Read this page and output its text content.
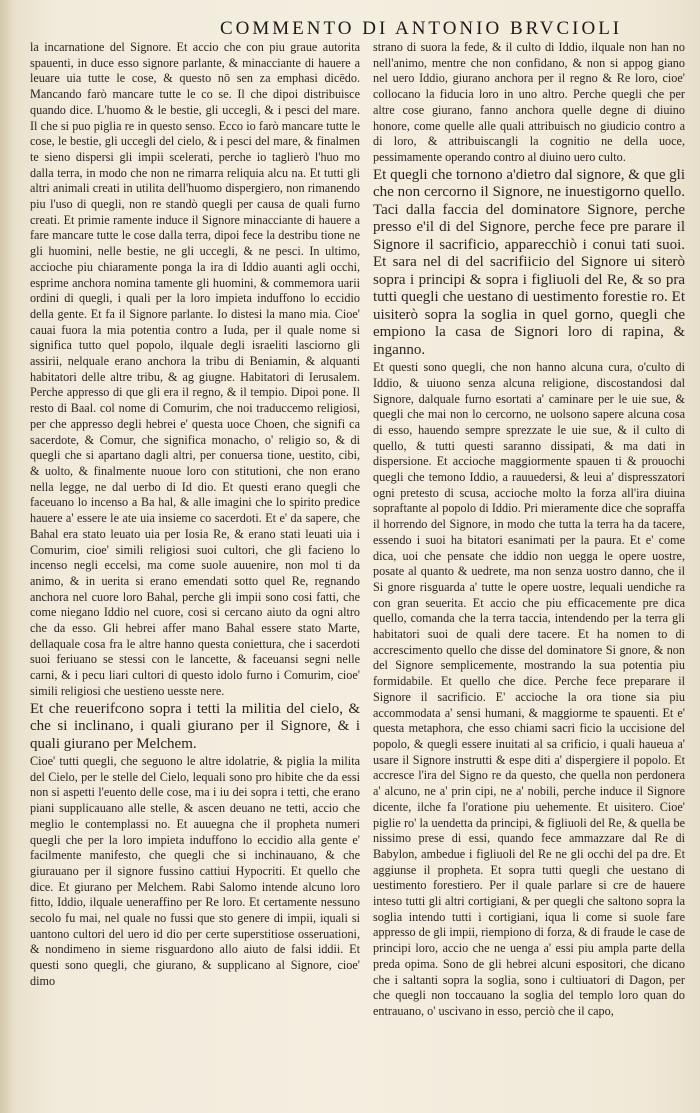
COMMENTO DI ANTONIO BRVCIOLI

la incarnatione del Signore. Et accio che con piu graue autorita spauenti, in duce esso signore parlante, & minacciante di hauere a leuare uia tutte le cose, & questo nō sen za emphasi dicēdo. Mancando farò mancare tutte le co se. Il che dipoi distribuisce quando dice. L'huomo & le bestie, gli uccegli, & i pesci del mare. Il che si puo piglia re in questo senso. Ecco io farò mancare tutte le cose, le bestie, gli uccegli del cielo, & i pesci del mare, & finalmen te sieno dispersi gli impii scelerati, perche io taglierò l'huo mo dalla terra, in modo che non ne rimarra reliquia alcu na. Et tutti gli altri animali creati in utilita dell'huomo dispergiero, non rimanendo piu l'uso di quegli, non re standò quegli per causa de quali furno creati. Et primie ramente induce il Signore minacciante di hauere a fare mancare tutte le cose dalla terra, dipoi fece la destribu tione ne gli huomini, nelle bestie, ne gli uccegli, & ne pesci. In ultimo, accioche piu chiaramente ponga la ira di Iddio auanti agli occhi, esprime anchora nomina tamente gli huomini, & commemora uarii ordini di quegli, i quali per la loro impieta induffono lo eccidio della gente. Et fa il Signore parlante. Io distesi la mano mia. Cioe' cauai fuora la mia potentia contro a Iuda, per il quale nome si significa tutto quel popolo, ilquale degli israeliti lasciorno gli assirii, nelquale erano anchora la tribu di Beniamin, & alquanti habitatori delle altre tribu, & ag giugne. Habitatori di Ierusalem. Perche appresso di que gli era il regno, & il tempio. Dipoi pone. Il resto di Baal. col nome di Comurim, che noi traduccemo religiosi, per che appresso degli hebrei e' questa uoce Choen, che signifi ca sacerdote, & Comur, che significa monacho, o' religio so, & di quegli che si apartano dagli altri, per conuersa tione, uestito, cibi, & uolto, & finalmente nuoue loro con stitutioni, che non erano nella legge, ne dal uerbo di Id dio. Et questi erano quegli che faceuano lo incenso a Ba hal, & alle imagini che lo spirito predice hauere a' essere le ate uia insieme co sacerdoti. Et e' da sapere, che Bahal era stato leuato uia per Iosia Re, & erano stati leuati uia i Comurim, cioe' simili religiosi suoi cultori, che gli facieno lo incenso negli eccelsi, ma come suole auuenire, non mol ti da animo, & in uerita si erano emendati sotto quel Re, regnando anchora nel cuore loro Bahal, perche gli impii sono cosi fatti, che come niegano Iddio nel cuore, cosi si cercano aiuto da ogni altro che da esso. Gli hebrei affer mano Bahal essere stato Marte, dellaquale cosa fra le altre hanno questa coniettura, che i sacerdoti suoi feriuano se stessi con le lancette, & faceuansi segni nelle carni, & i pecu liari cultori di questo idolo furno i Comurim, cioe' simili religiosi che uestieno uesste nere.

Et che reuerifcono sopra i tetti la militia del cielo, & che si inclinano, i quali giurano per il Signore, & i quali giurano per Melchem.

Cioe' tutti quegli, che seguono le altre idolatrie, & piglia la milita del Cielo, per le stelle del Cielo, lequali sono pro hibite che da essi non si aspetti l'euento delle cose, ma i iu dei sopra i tetti, che erano piani supplicauano alle stelle, & ascen deuano ne tetti, accio che meglio le contemplassi no. Et auuegna che il propheta numeri quegli che per la loro impieta induffono lo eccidio alla gente e' facilmente manifesto, che quegli che si inchinauano, & che giurauano per il signore fussino cattiui Hypocriti. Et quello che dice. Et giurano per Melchem. Rabi Salomo intende alcuno loro fitto, Iddio, ilquale ueneraffino per Re loro. Et certamente nessuno secolo fu mai, nel quale no fussi que sto genere di impii, iquali si uantono cultori del uero id dio per certe superstitiose osseruationi, & nondimeno in sieme risguardono allo aiuto de falsi iddii. Et questi sono quegli, che giurano, & supplicano al Signore, cioe' dimo

strano di suora la fede, & il culto di Iddio, ilquale non han no nell'animo, mentre che non confidano, & non si appog giano nel uero Iddio, giurano anchora per il regno & Re loro, cioe' collocano la fiducia loro in uno altro. Perche quegli che per altre cose giurano, fanno anchora quelle degne di diuino honore, come quelle alle quali attribuisch no giudicio contro a di loro, & attribuiscangli la cognitio ne della uoce, pessimamente operando contro al diuino uero culto.

Et quegli che tornono a'dietro dal signore, & que gli che non cercorno il Signore, ne inuestigorno quello. Taci dalla faccia del dominatore Signore, perche presso e'il di del Signore, perche fece pre parare il Signore il sacrificio, apparecchiò i conui tati suoi. Et sara nel di del sacrifiicio del Signore ui siterò sopra i principi & sopra i figliuoli del Re, & so pra tutti quegli che uestano di uestimento forestie ro. Et uisiterò sopra la soglia in quel gorno, quegli che empiono la casa de Signori loro di rapina, & inganno.

Et questi sono quegli, che non hanno alcuna cura, o'culto di Iddio, & uiuono senza alcuna religione, discostandosi dal Signore, dalquale furno esortati a' caminare per le uie sue, & quegli che mai non lo cercorno, ne uolsono sapere alcuna cosa di esso, hauendo sempre sprezzate le uie sue, & il culto di quello, & tutti questi saranno dissipati, & ma dati in dispersione. Et accioche maggiormente spauen ti & prouochi quegli che temono Iddio, a rauuedersi, & leui a' dispresszatori ogni pretesto di scusa, accioche molto la forza all'ira diuina sopraftante al popolo di Iddio. Pri mieramente dice che sopraffa il horrendo del Signore, in modo che tutta la terra ha da tacere, essendo i suoi ha bitatori esanimati per la paura. Et e' come dica, uoi che pensate che iddio non uegga le opere uostre, posate al quanto & uedrete, ma non senza uostro danno, che il Si gnore risguarda a' tutte le opere uostre, lequali uendiche ra con gran seuerita. Et accio che piu efficacemente pre dica quello, comanda che la terra taccia, intendendo per la terra gli habitatori suoi de quali dere tacere. Et ha nomen to di accrescimento quello che disse del dominatore Si gnore, & non del Signore semplicemente, mostrando la sua potentia piu formidabile. Et quello che dice. Perche fece preparare il Signore il sacrificio. E' accioche la ora tione sia piu accommodata a' sensi humani, & maggiorme te spauenti. Et e' questa metaphora, che esso chiami sacri ficio la uccisione del popolo, & quegli essere inuitati al sa crificio, i quali haueua a' usare il Signore instrutti & espe diti a' dispergiere il popolo. Et accresce l'ira del Signo re da questo, che quella non perdonera a' alcuno, ne a' prin cipi, ne a' nobili, perche induce il Signore dicente, ilche fa l'oratione piu uehemente. Et uisitero. Cioe' piglie ro' la uendetta da principi, & figliuoli del Re, & quella be nissimo prese di essi, quando fece ammazzare dal Re di Babylon, ambedue i figliuoli del Re ne gli occhi del pa dre. Et aggiunse il propheta. Et sopra tutti quegli che uestano di uestimento forestiero. Per il quale parlare si cre de hauere inteso tutti gli altri cortigiani, & per quegli che saltono sopra la soglia intendo tutti i cortigiani, iqua li come si suole fare appresso de gli impii, riempiono di forza, & di fraude le case de principi loro, accio che ne uenga a' essi piu ampla parte della preda opima. Sono de gli hebrei alcuni espositori, che dicano che i saltanti sopra la soglia, sono i cultiuatori di Dagon, per che quegli non toccauano la soglia del templo loro quan do entrauano, o' uscivano in esso, perciò che il capo,
